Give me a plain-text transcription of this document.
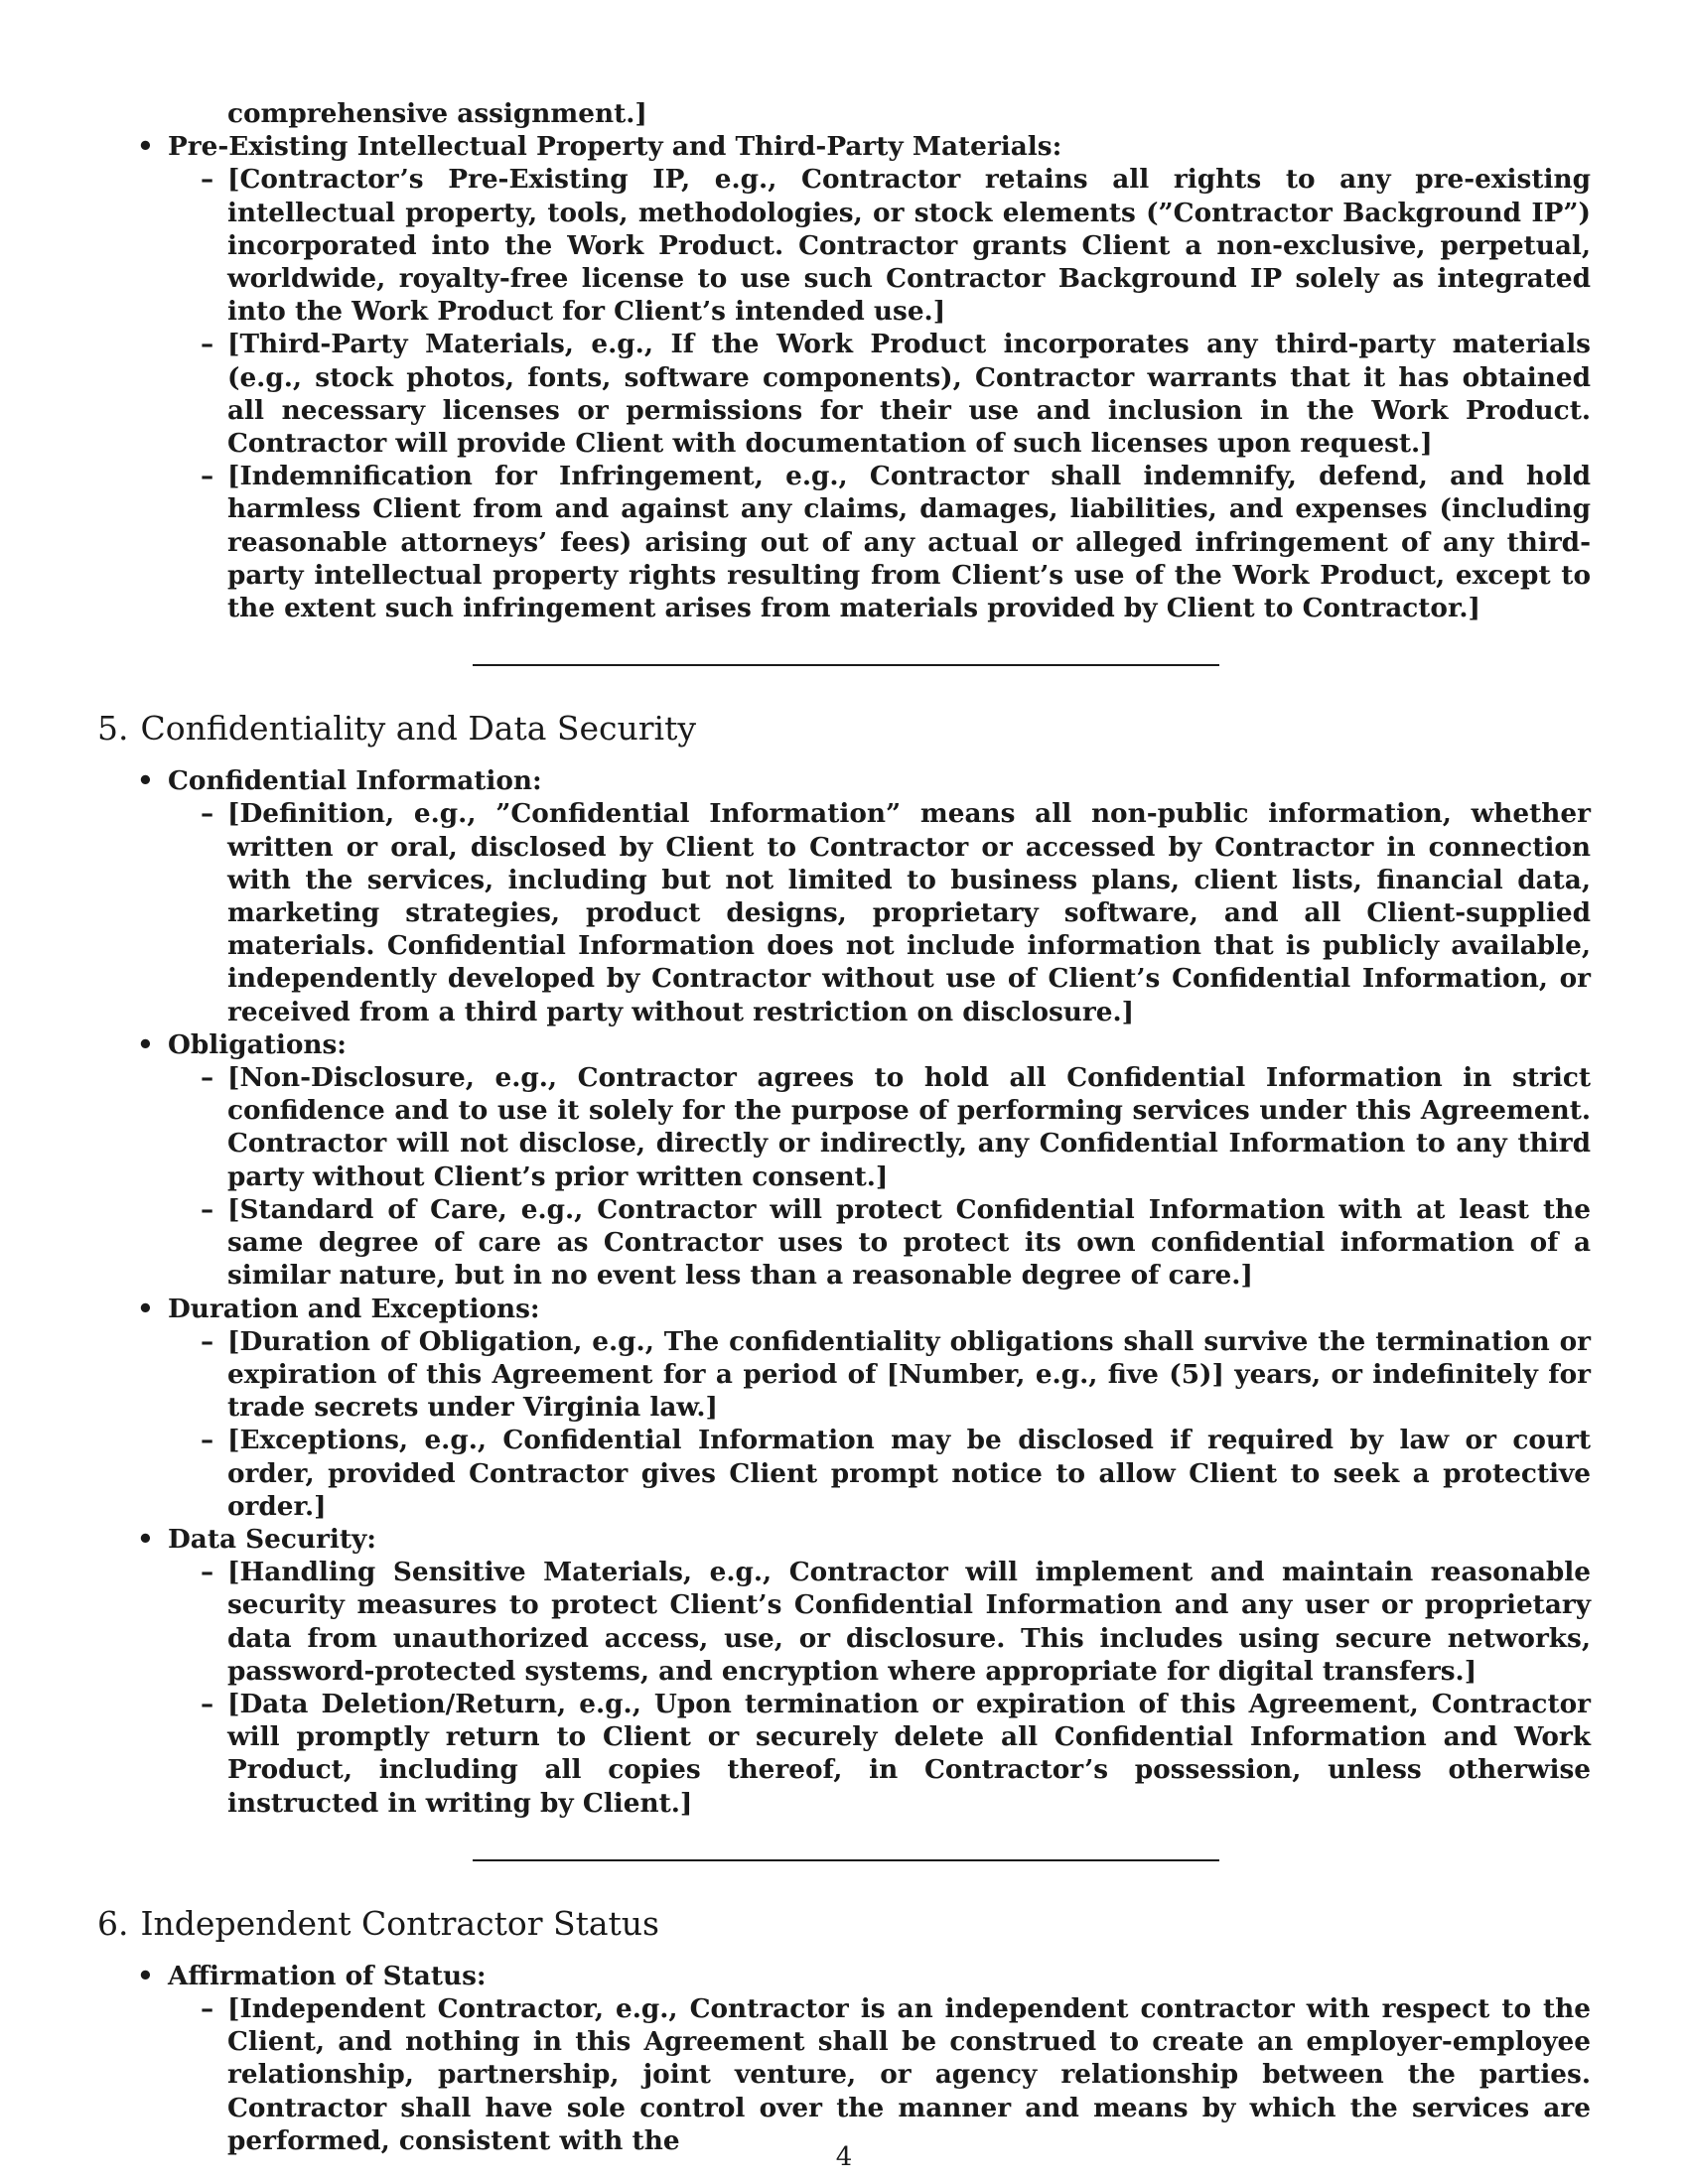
comprehensive assignment.]
• Pre-Existing Intellectual Property and Third-Party Materials:
– [Contractor’s Pre-Existing IP, e.g., Contractor retains all rights to any pre-existing intellectual property, tools, methodologies, or stock elements (”Contractor Background IP”) incorporated into the Work Product. Contractor grants Client a non-exclusive, perpetual, worldwide, royalty-free license to use such Contractor Background IP solely as integrated into the Work Product for Client’s intended use.]
– [Third-Party Materials, e.g., If the Work Product incorporates any third-party materials (e.g., stock photos, fonts, software components), Contractor warrants that it has obtained all necessary licenses or permissions for their use and inclusion in the Work Product. Contractor will provide Client with documentation of such licenses upon request.]
– [Indemnification for Infringement, e.g., Contractor shall indemnify, defend, and hold harmless Client from and against any claims, damages, liabilities, and expenses (including reasonable attorneys’ fees) arising out of any actual or alleged infringement of any third-party intellectual property rights resulting from Client’s use of the Work Product, except to the extent such infringement arises from materials provided by Client to Contractor.]
5. Confidentiality and Data Security
• Confidential Information:
– [Definition, e.g., ”Confidential Information” means all non-public information, whether written or oral, disclosed by Client to Contractor or accessed by Contractor in connection with the services, including but not limited to business plans, client lists, financial data, marketing strategies, product designs, proprietary software, and all Client-supplied materials. Confidential Information does not include information that is publicly available, independently developed by Contractor without use of Client’s Confidential Information, or received from a third party without restriction on disclosure.]
• Obligations:
– [Non-Disclosure, e.g., Contractor agrees to hold all Confidential Information in strict confidence and to use it solely for the purpose of performing services under this Agreement. Contractor will not disclose, directly or indirectly, any Confidential Information to any third party without Client’s prior written consent.]
– [Standard of Care, e.g., Contractor will protect Confidential Information with at least the same degree of care as Contractor uses to protect its own confidential information of a similar nature, but in no event less than a reasonable degree of care.]
• Duration and Exceptions:
– [Duration of Obligation, e.g., The confidentiality obligations shall survive the termination or expiration of this Agreement for a period of [Number, e.g., five (5)] years, or indefinitely for trade secrets under Virginia law.]
– [Exceptions, e.g., Confidential Information may be disclosed if required by law or court order, provided Contractor gives Client prompt notice to allow Client to seek a protective order.]
• Data Security:
– [Handling Sensitive Materials, e.g., Contractor will implement and maintain reasonable security measures to protect Client’s Confidential Information and any user or proprietary data from unauthorized access, use, or disclosure. This includes using secure networks, password-protected systems, and encryption where appropriate for digital transfers.]
– [Data Deletion/Return, e.g., Upon termination or expiration of this Agreement, Contractor will promptly return to Client or securely delete all Confidential Information and Work Product, including all copies thereof, in Contractor’s possession, unless otherwise instructed in writing by Client.]
6. Independent Contractor Status
• Affirmation of Status:
– [Independent Contractor, e.g., Contractor is an independent contractor with respect to the Client, and nothing in this Agreement shall be construed to create an employer-employee relationship, partnership, joint venture, or agency relationship between the parties. Contractor shall have sole control over the manner and means by which the services are performed, consistent with the
4
